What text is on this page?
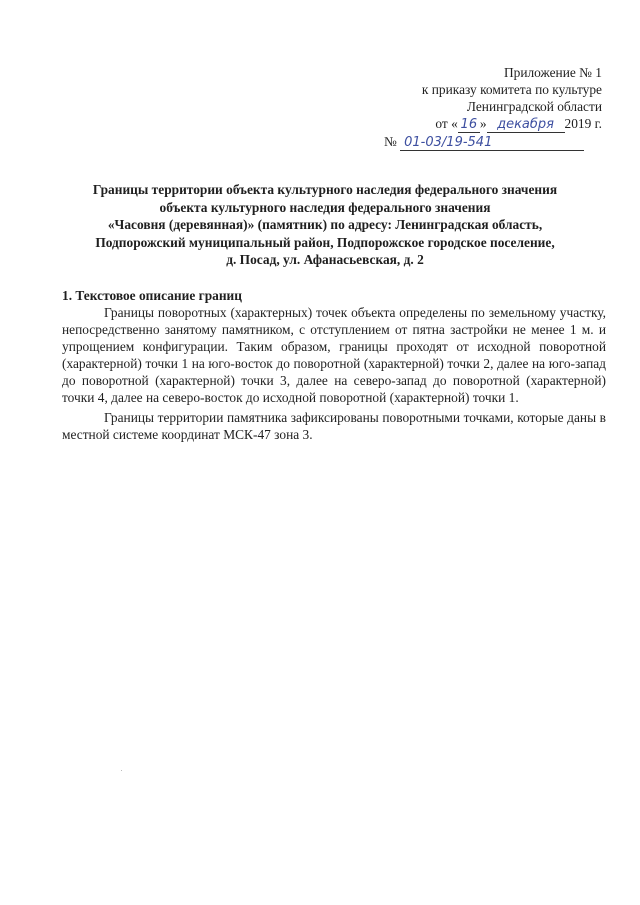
Приложение № 1
к приказу комитета по культуре
Ленинградской области
от « 16 » декабря 2019 г.
№ 01-03/19-541
Границы территории объекта культурного наследия федерального значения
объекта культурного наследия федерального значения
«Часовня (деревянная)» (памятник) по адресу: Ленинградская область,
Подпорожский муниципальный район, Подпорожское городское поселение,
д. Посад, ул. Афанасьевская, д. 2
1. Текстовое описание границ

Границы поворотных (характерных) точек объекта определены по земельному участку, непосредственно занятому памятником, с отступлением от пятна застройки не менее 1 м. и упрощением конфигурации. Таким образом, границы проходят от исходной поворотной (характерной) точки 1 на юго-восток до поворотной (характерной) точки 2, далее на юго-запад до поворотной (характерной) точки 3, далее на северо-запад до поворотной (характерной) точки 4, далее на северо-восток до исходной поворотной (характерной) точки 1.

Границы территории памятника зафиксированы поворотными точками, которые даны в местной системе координат МСК-47 зона 3.
